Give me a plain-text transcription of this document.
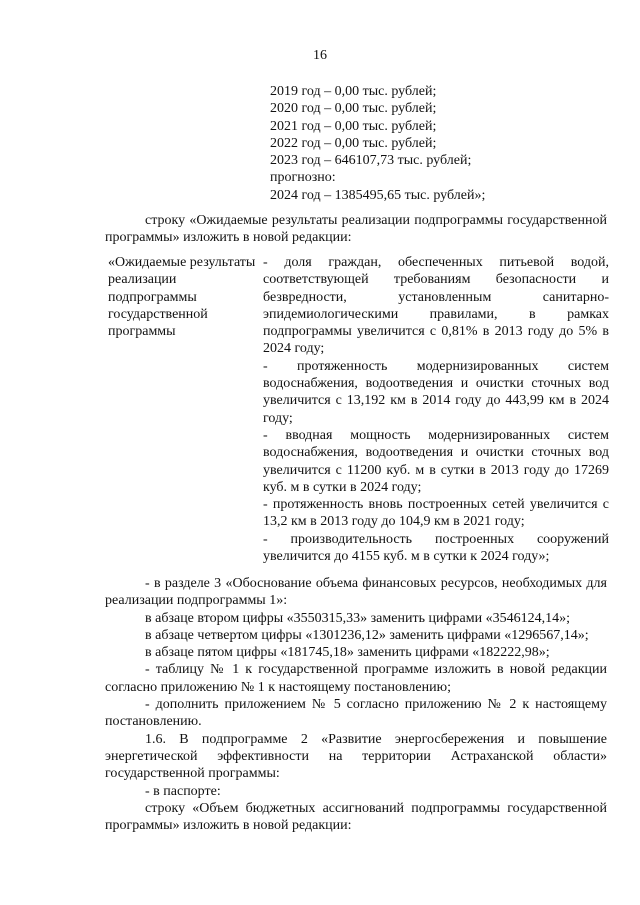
16
2019 год – 0,00 тыс. рублей;
2020 год – 0,00 тыс. рублей;
2021 год – 0,00 тыс. рублей;
2022 год – 0,00 тыс. рублей;
2023 год – 646107,73 тыс. рублей;
прогнозно:
2024 год – 1385495,65 тыс. рублей»;
строку «Ожидаемые результаты реализации подпрограммы государственной программы» изложить в новой редакции:
«Ожидаемые результаты реализации подпрограммы государственной программы
- доля граждан, обеспеченных питьевой водой, соответствующей требованиям безопасности и безвредности, установленным санитарно-эпидемиологическими правилами, в рамках подпрограммы увеличится с 0,81% в 2013 году до 5% в 2024 году;
- протяженность модернизированных систем водоснабжения, водоотведения и очистки сточных вод увеличится с 13,192 км в 2014 году до 443,99 км в 2024 году;
- вводная мощность модернизированных систем водоснабжения, водоотведения и очистки сточных вод увеличится с 11200 куб. м в сутки в 2013 году до 17269 куб. м в сутки в 2024 году;
- протяженность вновь построенных сетей увеличится с 13,2 км в 2013 году до 104,9 км в 2021 году;
- производительность построенных сооружений увеличится до 4155 куб. м в сутки к 2024 году»;
- в разделе 3 «Обоснование объема финансовых ресурсов, необходимых для реализации подпрограммы 1»:
в абзаце втором цифры «3550315,33» заменить цифрами «3546124,14»;
в абзаце четвертом цифры «1301236,12» заменить цифрами «1296567,14»;
в абзаце пятом цифры «181745,18» заменить цифрами «182222,98»;
- таблицу № 1 к государственной программе изложить в новой редакции согласно приложению № 1 к настоящему постановлению;
- дополнить приложением № 5 согласно приложению № 2 к настоящему постановлению.
1.6. В подпрограмме 2 «Развитие энергосбережения и повышение энергетической эффективности на территории Астраханской области» государственной программы:
- в паспорте:
строку «Объем бюджетных ассигнований подпрограммы государственной программы» изложить в новой редакции:
